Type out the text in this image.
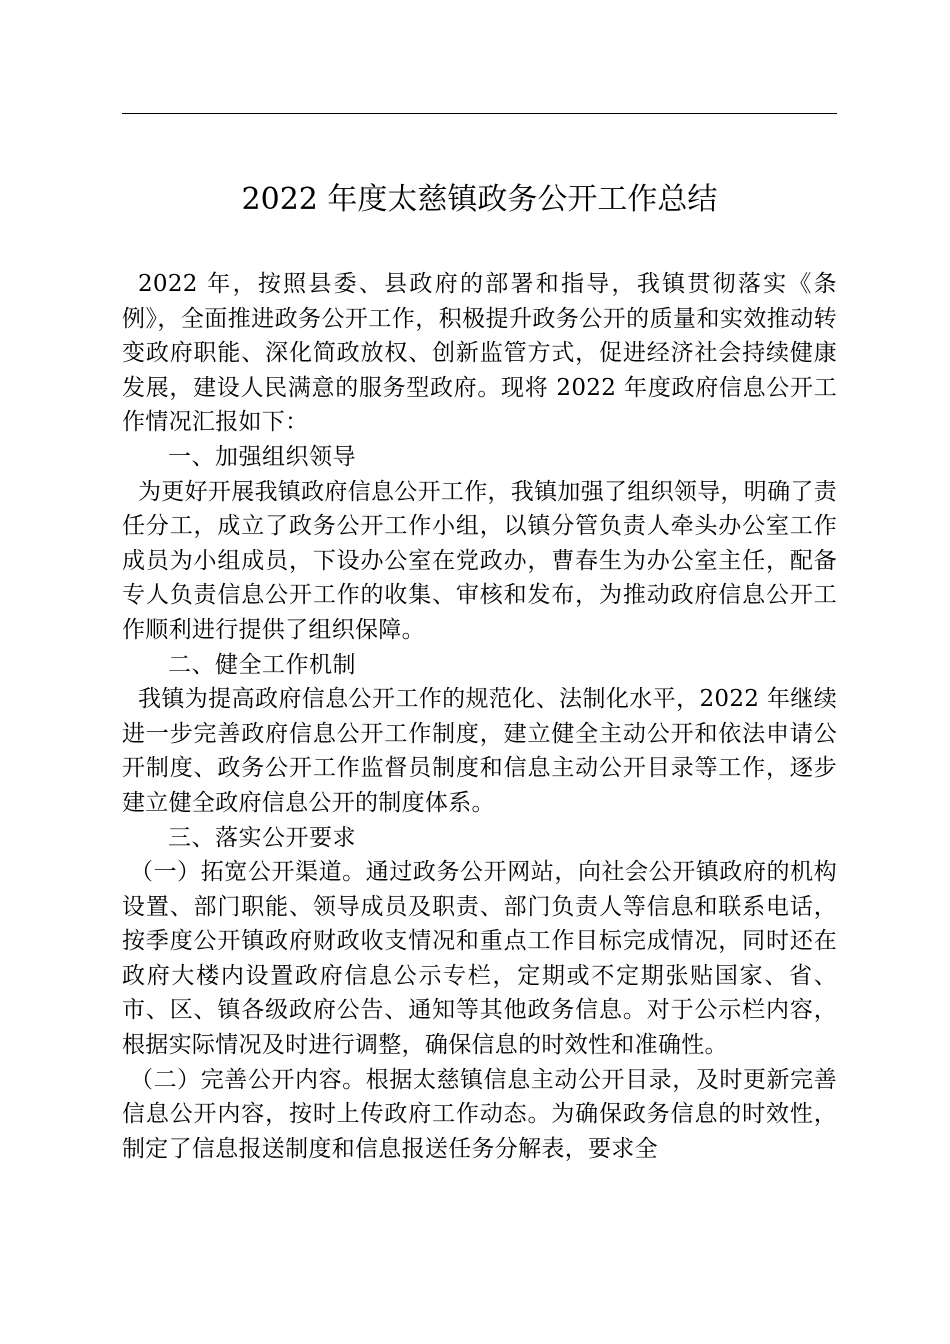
2022 年度太慈镇政务公开工作总结

2022 年，按照县委、县政府的部署和指导，我镇贯彻落实《条例》，全面推进政务公开工作，积极提升政务公开的质量和实效推动转变政府职能、深化简政放权、创新监管方式，促进经济社会持续健康发展，建设人民满意的服务型政府。现将 2022 年度政府信息公开工作情况汇报如下：

一、加强组织领导

为更好开展我镇政府信息公开工作，我镇加强了组织领导，明确了责任分工，成立了政务公开工作小组，以镇分管负责人牵头办公室工作成员为小组成员，下设办公室在党政办，曹春生为办公室主任，配备专人负责信息公开工作的收集、审核和发布，为推动政府信息公开工作顺利进行提供了组织保障。

二、健全工作机制

我镇为提高政府信息公开工作的规范化、法制化水平，2022 年继续进一步完善政府信息公开工作制度，建立健全主动公开和依法申请公开制度、政务公开工作监督员制度和信息主动公开目录等工作，逐步建立健全政府信息公开的制度体系。

三、落实公开要求

（一）拓宽公开渠道。通过政务公开网站，向社会公开镇政府的机构设置、部门职能、领导成员及职责、部门负责人等信息和联系电话，按季度公开镇政府财政收支情况和重点工作目标完成情况，同时还在政府大楼内设置政府信息公示专栏，定期或不定期张贴国家、省、市、区、镇各级政府公告、通知等其他政务信息。对于公示栏内容，根据实际情况及时进行调整，确保信息的时效性和准确性。

（二）完善公开内容。根据太慈镇信息主动公开目录，及时更新完善信息公开内容，按时上传政府工作动态。为确保政务信息的时效性，制定了信息报送制度和信息报送任务分解表，要求全
